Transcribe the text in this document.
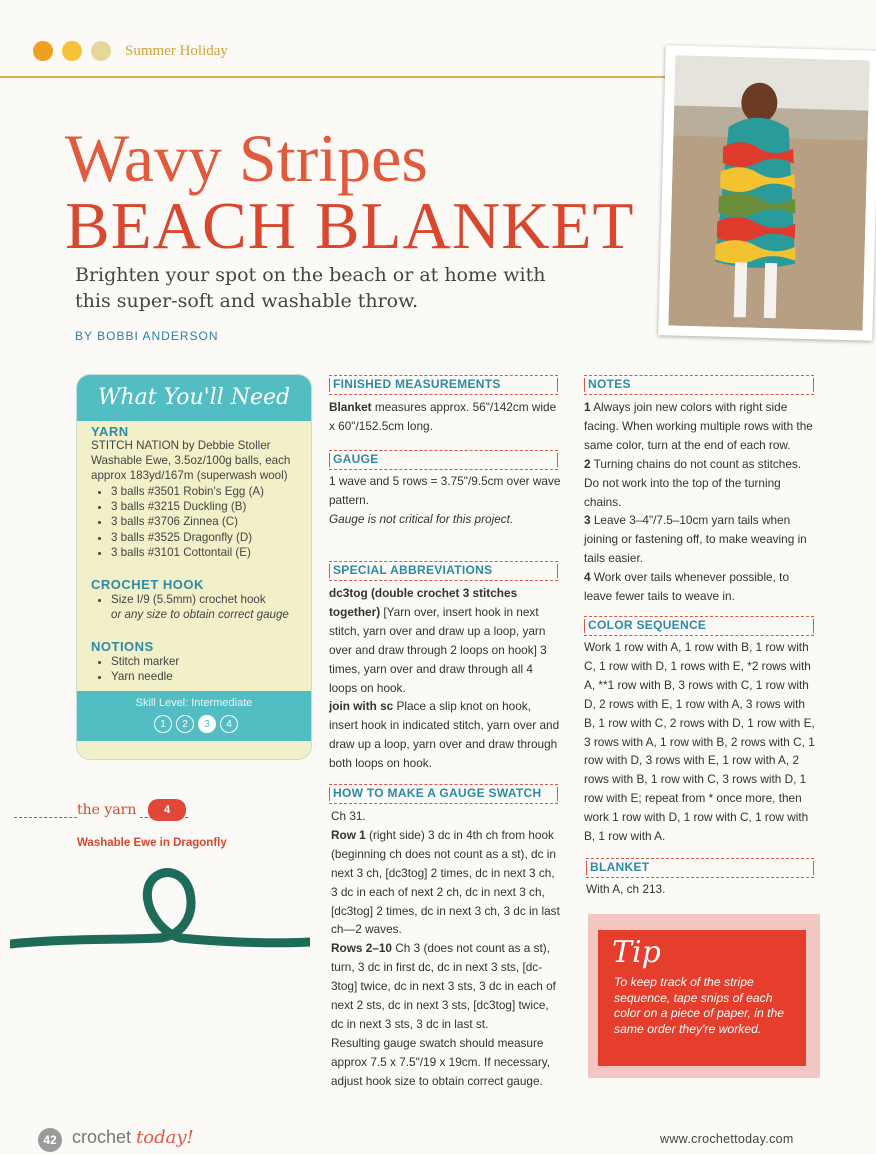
Summer Holiday
Wavy Stripes
BEACH BLANKET
Brighten your spot on the beach or at home with this super-soft and washable throw.
BY BOBBI ANDERSON
What You'll Need
YARN
STITCH NATION by Debbie Stoller Washable Ewe, 3.5oz/100g balls, each approx 183yd/167m (superwash wool)
• 3 balls #3501 Robin's Egg (A)
• 3 balls #3215 Duckling (B)
• 3 balls #3706 Zinnea (C)
• 3 balls #3525 Dragonfly (D)
• 3 balls #3101 Cottontail (E)
CROCHET HOOK
• Size I/9 (5.5mm) crochet hook
or any size to obtain correct gauge
NOTIONS
• Stitch marker
• Yarn needle
Skill Level: Intermediate
1	2	3	4
the yarn	4
Washable Ewe in Dragonfly
FINISHED MEASUREMENTS

Blanket measures approx. 56"/142cm wide x 60"/152.5cm long.

GAUGE

1 wave and 5 rows = 3.75"/9.5cm over wave pattern.

Gauge is not critical for this project.

SPECIAL ABBREVIATIONS

dc3tog (double crochet 3 stitches together) [Yarn over, insert hook in next stitch, yarn over and draw up a loop, yarn over and draw through 2 loops on hook] 3 times, yarn over and draw through all 4 loops on hook.

join with sc Place a slip knot on hook, insert hook in indicated stitch, yarn over and draw up a loop, yarn over and draw through both loops on hook.

HOW TO MAKE A GAUGE SWATCH

Ch 31.

Row 1 (right side) 3 dc in 4th ch from hook (beginning ch does not count as a st), dc in next 3 ch, [dc3tog] 2 times, dc in next 3 ch, 3 dc in each of next 2 ch, dc in next 3 ch, [dc3tog] 2 times, dc in next 3 ch, 3 dc in last ch—2 waves.

Rows 2–10 Ch 3 (does not count as a st), turn, 3 dc in first dc, dc in next 3 sts, [dc-3tog] twice, dc in next 3 sts, 3 dc in each of next 2 sts, dc in next 3 sts, [dc3tog] twice, dc in next 3 sts, 3 dc in last st.

Resulting gauge swatch should measure approx 7.5 x 7.5"/19 x 19cm. If necessary, adjust hook size to obtain correct gauge.

NOTES

1 Always join new colors with right side facing. When working multiple rows with the same color, turn at the end of each row.

2 Turning chains do not count as stitches. Do not work into the top of the turning chains.

3 Leave 3–4"/7.5–10cm yarn tails when joining or fastening off, to make weaving in tails easier.

4 Work over tails whenever possible, to leave fewer tails to weave in.

COLOR SEQUENCE
Work 1 row with A, 1 row with B, 1 row with C, 1 row with D, 1 rows with E, *2 rows with A, **1 row with B, 3 rows with C, 1 row with D, 2 rows with E, 1 row with A, 3 rows with B, 1 row with C, 2 rows with D, 1 row with E, 3 rows with A, 1 row with B, 2 rows with C, 1 row with D, 3 rows with E, 1 row with A, 2 rows with B, 1 row with C, 3 rows with D, 1 row with E; repeat from * once more, then work 1 row with D, 1 row with C, 1 row with B, 1 row with A.
BLANKET
With A, ch 213.
Tip
To keep track of the stripe sequence, tape snips of each color on a piece of paper, in the same order they're worked.
42 crochet today!	www.crochettoday.com
